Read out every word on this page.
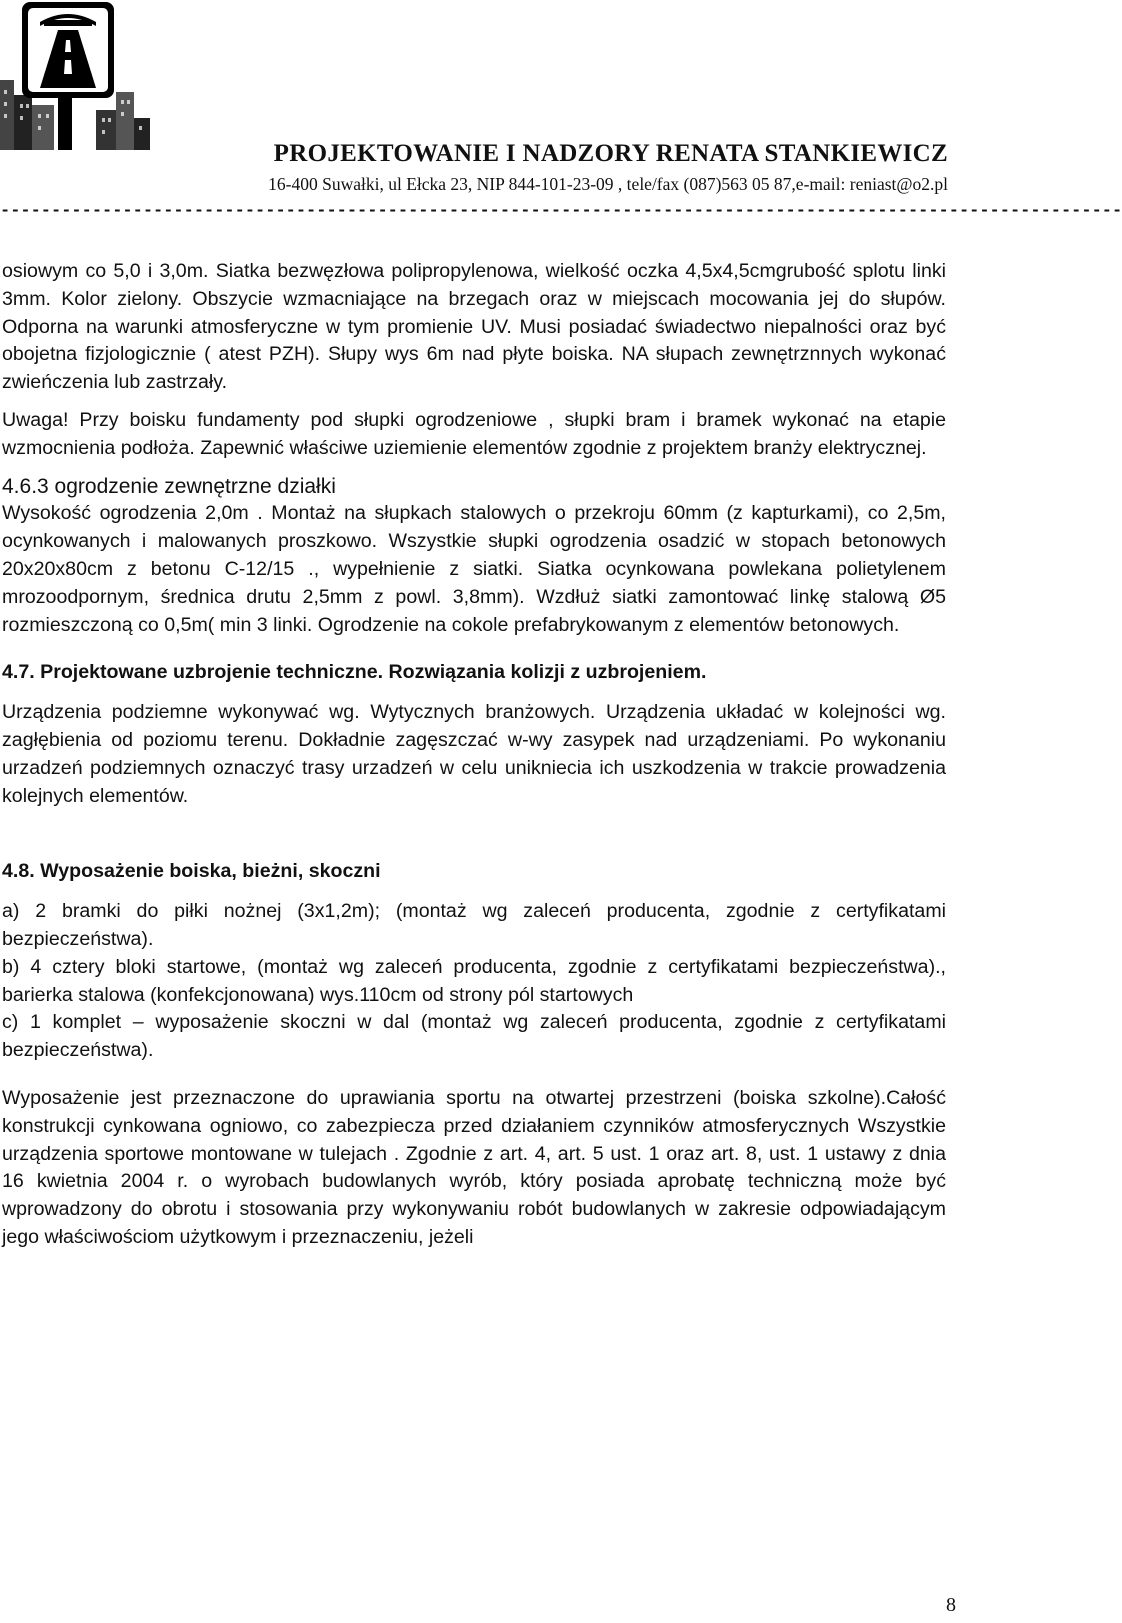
PROJEKTOWANIE I NADZORY RENATA STANKIEWICZ
16-400 Suwałki, ul Ełcka 23, NIP 844-101-23-09 , tele/fax (087)563 05 87,e-mail: reniast@o2.pl
--------------------------------------------------------------------------------------------------------------

osiowym co 5,0 i 3,0m. Siatka bezwęzłowa polipropylenowa, wielkość oczka 4,5x4,5cmgrubość splotu linki 3mm. Kolor zielony. Obszycie wzmacniające na brzegach oraz w miejscach mocowania jej do słupów. Odporna na warunki atmosferyczne w tym promienie UV. Musi posiadać świadectwo niepalności oraz być obojetna fizjologicznie ( atest PZH). Słupy wys 6m nad płyte boiska. NA słupach zewnętrznnych wykonać zwieńczenia lub zastrzały.

Uwaga! Przy boisku fundamenty pod słupki ogrodzeniowe , słupki bram i bramek wykonać na etapie wzmocnienia podłoża. Zapewnić właściwe uziemienie elementów zgodnie z projektem branży elektrycznej.

4.6.3 ogrodzenie zewnętrzne działki

Wysokość ogrodzenia 2,0m . Montaż na słupkach stalowych o przekroju 60mm (z kapturkami), co 2,5m, ocynkowanych i malowanych proszkowo. Wszystkie słupki ogrodzenia osadzić w stopach betonowych 20x20x80cm z betonu C-12/15 ., wypełnienie z siatki. Siatka ocynkowana powlekana polietylenem mrozoodpornym, średnica drutu 2,5mm z powl. 3,8mm). Wzdłuż siatki zamontować linkę stalową Ø5 rozmieszczoną co 0,5m( min 3 linki. Ogrodzenie na cokole prefabrykowanym z elementów betonowych.

4.7. Projektowane uzbrojenie techniczne. Rozwiązania kolizji z uzbrojeniem.

Urządzenia podziemne wykonywać wg. Wytycznych branżowych. Urządzenia układać w kolejności wg. zagłębienia od poziomu terenu. Dokładnie zagęszczać w-wy zasypek nad urządzeniami. Po wykonaniu urzadzeń podziemnych oznaczyć trasy urzadzeń w celu unikniecia ich uszkodzenia w trakcie prowadzenia kolejnych elementów.

4.8. Wyposażenie boiska, bieżni, skoczni

a) 2 bramki do piłki nożnej (3x1,2m); (montaż wg zaleceń producenta, zgodnie z certyfikatami bezpieczeństwa).

b) 4 cztery bloki startowe, (montaż wg zaleceń producenta, zgodnie z certyfikatami bezpieczeństwa)., barierka stalowa (konfekcjonowana) wys.110cm od strony pól startowych

c) 1 komplet – wyposażenie skoczni w dal (montaż wg zaleceń producenta, zgodnie z certyfikatami bezpieczeństwa).

Wyposażenie jest przeznaczone do uprawiania sportu na otwartej przestrzeni (boiska szkolne).Całość konstrukcji cynkowana ogniowo, co zabezpiecza przed działaniem czynników atmosferycznych Wszystkie urządzenia sportowe montowane w tulejach . Zgodnie z art. 4, art. 5 ust. 1 oraz art. 8, ust. 1 ustawy z dnia 16 kwietnia 2004 r. o wyrobach budowlanych wyrób, który posiada aprobatę techniczną może być wprowadzony do obrotu i stosowania przy wykonywaniu robót budowlanych w zakresie odpowiadającym jego właściwościom użytkowym i przeznaczeniu, jeżeli

8
